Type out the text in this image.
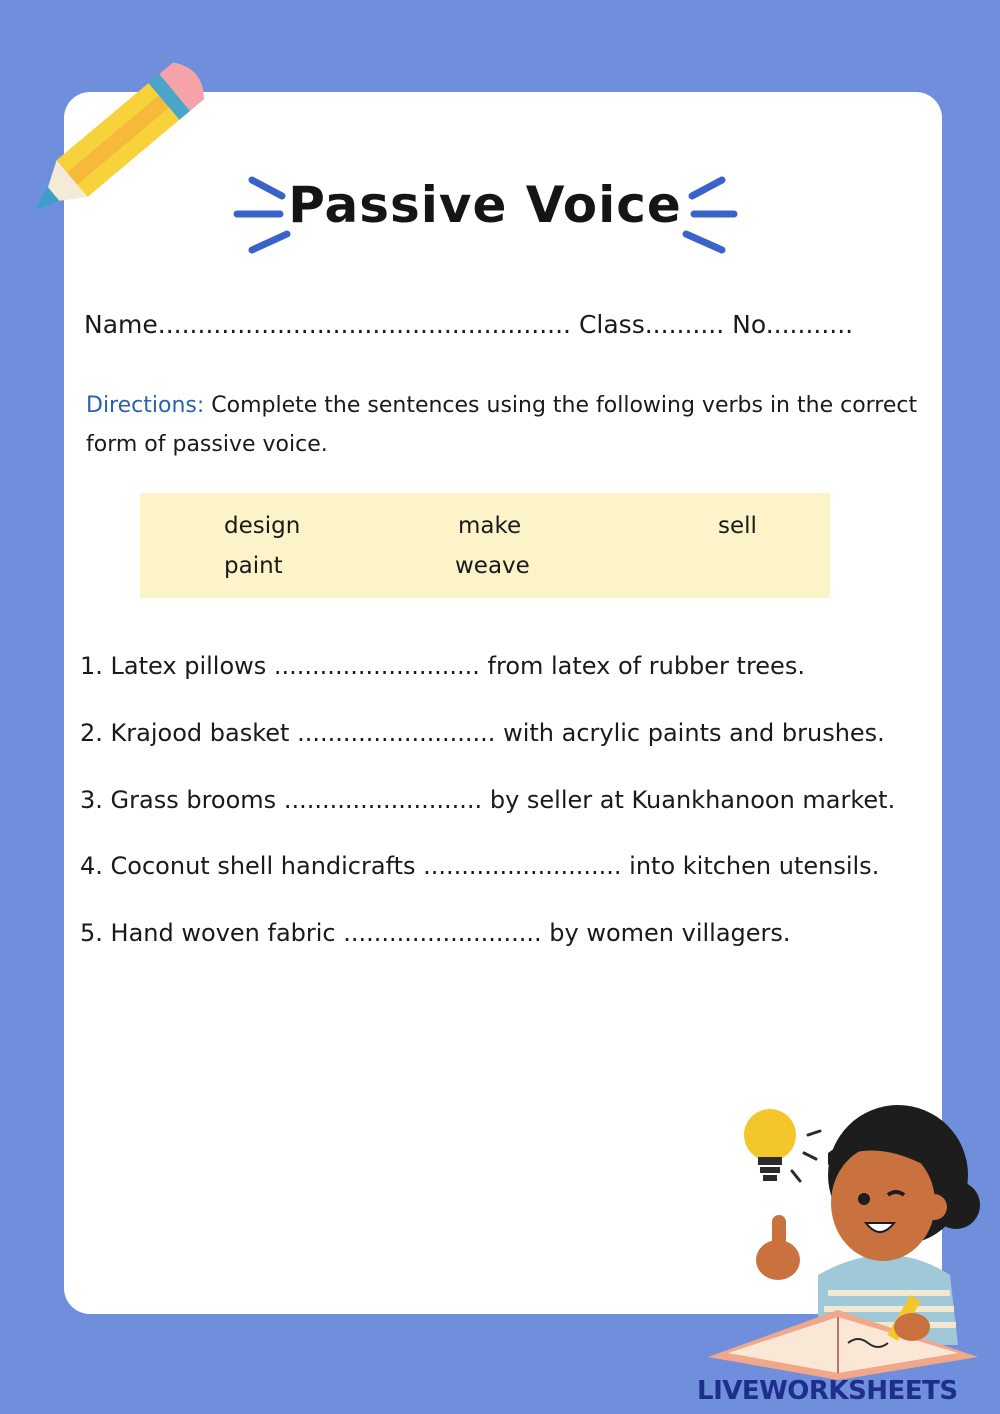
Passive Voice
Name.................................................... Class.......... No...........
Directions: Complete the sentences using the following verbs in the correct form of passive voice.
design	make	sell
paint	weave
1. Latex pillows ........................... from latex of rubber trees.
2. Krajood basket .......................... with acrylic paints and brushes.
3. Grass brooms .......................... by seller at Kuankhanoon market.
4. Coconut shell handicrafts .......................... into kitchen utensils.
5. Hand woven fabric .......................... by women villagers.
LIVEWORKSHEETS
